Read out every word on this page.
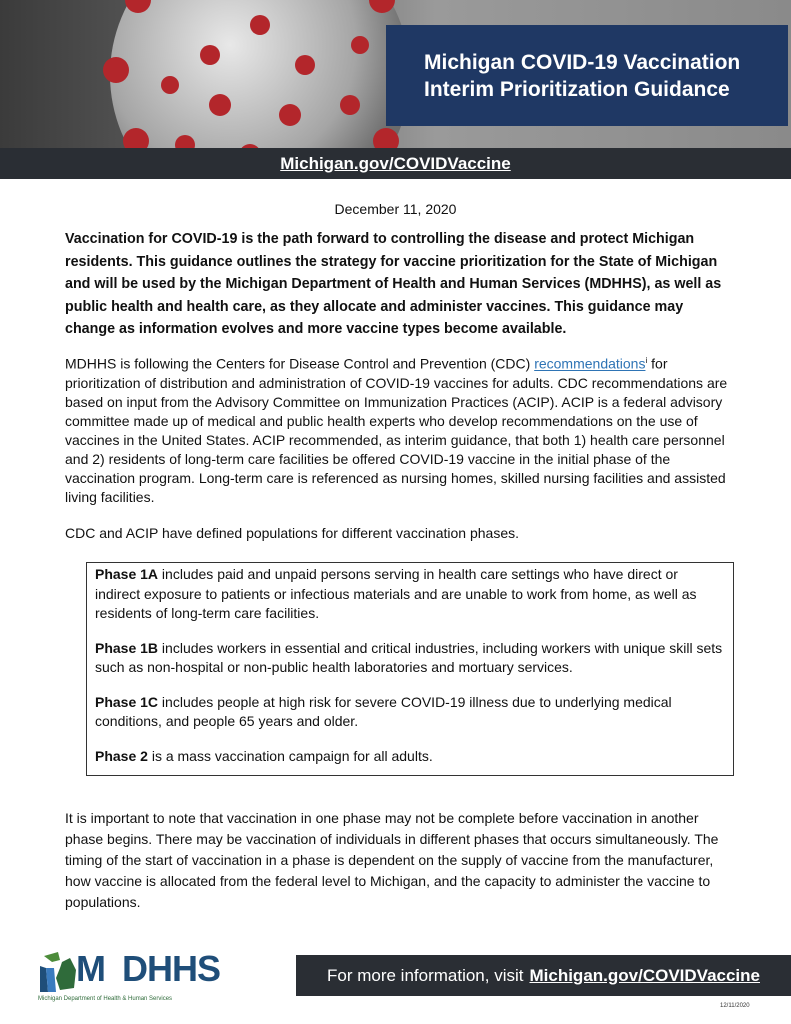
Michigan COVID-19 Vaccination
Interim Prioritization Guidance
Michigan.gov/COVIDVaccine
December 11, 2020
Vaccination for COVID-19 is the path forward to controlling the disease and protect Michigan residents. This guidance outlines the strategy for vaccine prioritization for the State of Michigan and will be used by the Michigan Department of Health and Human Services (MDHHS), as well as public health and health care, as they allocate and administer vaccines. This guidance may change as information evolves and more vaccine types become available.
MDHHS is following the Centers for Disease Control and Prevention (CDC) recommendations$^i$ for prioritization of distribution and administration of COVID-19 vaccines for adults. CDC recommendations are based on input from the Advisory Committee on Immunization Practices (ACIP). ACIP is a federal advisory committee made up of medical and public health experts who develop recommendations on the use of vaccines in the United States. ACIP recommended, as interim guidance, that both 1) health care personnel and 2) residents of long-term care facilities be offered COVID-19 vaccine in the initial phase of the vaccination program. Long-term care is referenced as nursing homes, skilled nursing facilities and assisted living facilities.
CDC and ACIP have defined populations for different vaccination phases.

Phase 1A includes paid and unpaid persons serving in health care settings who have direct or indirect exposure to patients or infectious materials and are unable to work from home, as well as residents of long-term care facilities.

Phase 1B includes workers in essential and critical industries, including workers with unique skill sets such as non-hospital or non-public health laboratories and mortuary services.

Phase 1C includes people at high risk for severe COVID-19 illness due to underlying medical conditions, and people 65 years and older.

Phase 2 is a mass vaccination campaign for all adults.

It is important to note that vaccination in one phase may not be complete before vaccination in another phase begins. There may be vaccination of individuals in different phases that occurs simultaneously. The timing of the start of vaccination in a phase is dependent on the supply of vaccine from the manufacturer, how vaccine is allocated from the federal level to Michigan, and the capacity to administer the vaccine to populations.
M DHHS
Michigan Department of Health & Human Services
For more information, visit Michigan.gov/COVIDVaccine
12/11/2020
